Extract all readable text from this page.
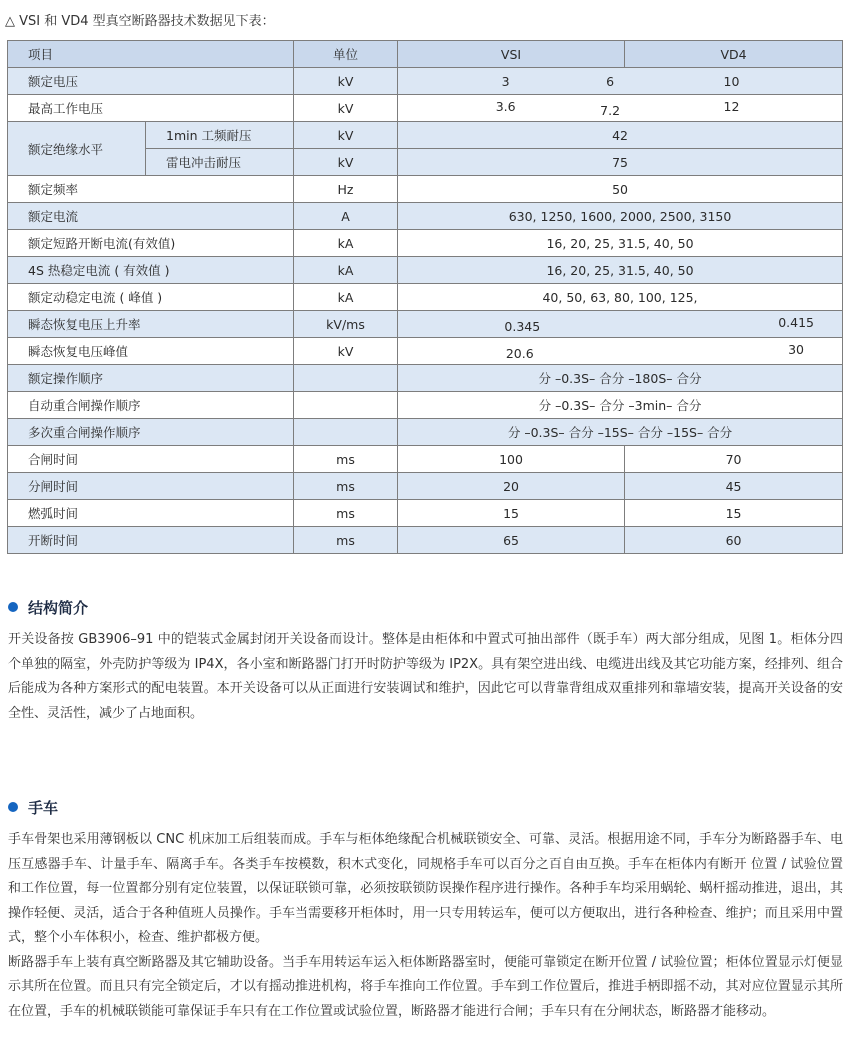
△ VSI 和 VD4 型真空断路器技术数据见下表：
项目		单位	VSI	VD4
额定电压		kV	3 6 10	

最高工作电压		kV	3.6 7.2 12	

额定绝缘水平	1min 工频耐压	kV	42	
	雷电冲击耐压	kV	75	
额定频率		Hz	50	
额定电流		A	630, 1250, 1600, 2000, 2500, 3150	
额定短路开断电流(有效值)		kA	16, 20, 25, 31.5, 40, 50	
4S 热稳定电流 ( 有效值 )		kA	16, 20, 25, 31.5, 40, 50	
额定动稳定电流 ( 峰值 )		kA	40, 50, 63, 80, 100, 125,	
瞬态恢复电压上升率		kV/ms	0.345 0.415	

瞬态恢复电压峰值		kV	20.6 30	

额定操作顺序			分 –0.3S– 合分 –180S– 合分	
自动重合闸操作顺序			分 –0.3S– 合分 –3min– 合分	
多次重合闸操作顺序			分 –0.3S– 合分 –15S– 合分 –15S– 合分	
合闸时间		ms	100	70
分闸时间		ms	20	45
燃弧时间		ms	15	15
开断时间		ms	65	60
结构简介

开关设备按 GB3906–91 中的铠装式金属封闭开关设备而设计。整体是由柜体和中置式可抽出部件（既手车）两大部分组成，见图 1。柜体分四个单独的隔室，外壳防护等级为 IP4X，各小室和断路器门打开时防护等级为 IP2X。具有架空进出线、电缆进出线及其它功能方案，经排列、组合后能成为各种方案形式的配电装置。本开关设备可以从正面进行安装调试和维护，因此它可以背靠背组成双重排列和靠墙安装，提高开关设备的安全性、灵活性，减少了占地面积。

手车

手车骨架也采用薄钢板以 CNC 机床加工后组装而成。手车与柜体绝缘配合机械联锁安全、可靠、灵活。根据用途不同，手车分为断路器手车、电压互感器手车、计量手车、隔离手车。各类手车按模数，积木式变化，同规格手车可以百分之百自由互换。手车在柜体内有断开 位置 / 试验位置和工作位置，每一位置都分别有定位装置，以保证联锁可靠，必须按联锁防误操作程序进行操作。各种手车均采用蜗轮、蜗杆摇动推进，退出，其操作轻便、灵活，适合于各种值班人员操作。手车当需要移开柜体时，用一只专用转运车，便可以方便取出，进行各种检查、维护；而且采用中置式，整个小车体积小，检查、维护都极方便。

断路器手车上装有真空断路器及其它辅助设备。当手车用转运车运入柜体断路器室时，便能可靠锁定在断开位置 / 试验位置；柜体位置显示灯便显示其所在位置。而且只有完全锁定后，才以有摇动推进机构，将手车推向工作位置。手车到工作位置后，推进手柄即摇不动，其对应位置显示其所在位置，手车的机械联锁能可靠保证手车只有在工作位置或试验位置，断路器才能进行合闸；手车只有在分闸状态，断路器才能移动。
